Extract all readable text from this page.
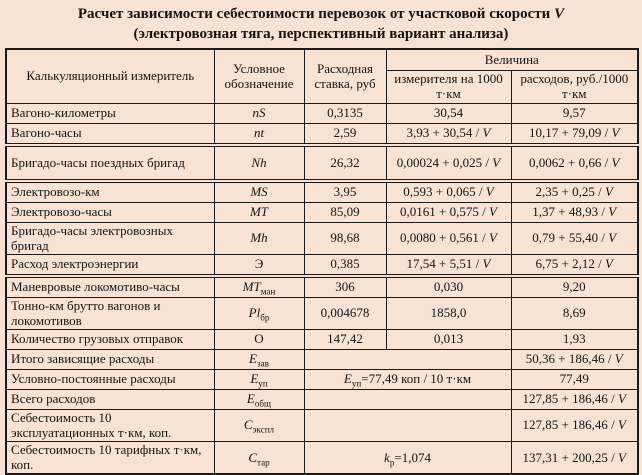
Расчет зависимости себестоимости перевозок от участковой скорости V
(электровозная тяга, перспективный вариант анализа)
Калькуляционный измеритель	Условное обозначение	Расходная ставка, руб	Величина	
			измерителя на 1000 т·км	расходов, руб./1000 т·км
Вагоно-километры	nS	0,3135	30,54	9,57
Вагоно-часы	nt	2,59	3,93 + 30,54 / V	10,17 + 79,09 / V
Бригадо-часы поездных бригад	Nh	26,32	0,00024 + 0,025 / V	0,0062 + 0,66 / V
Электровозо-км	MS	3,95	0,593 + 0,065 / V	2,35 + 0,25 / V
Электровозо-часы	MT	85,09	0,0161 + 0,575 / V	1,37 + 48,93 / V
Бригадо-часы электровозных бригад	Mh	98,68	0,0080 + 0,561 / V	0,79 + 55,40 / V
Расход электроэнергии	Э	0,385	17,54 + 5,51 / V	6,75 + 2,12 / V
Маневровые локомотиво-часы	$MT_{ман}$	306	0,030	9,20
Тонно-км брутто вагонов и локомотивов	$Pl_{бр}$	0,004678	1858,0	8,69
Количество грузовых отправок	О	147,42	0,013	1,93
Итого зависящие расходы	$E_{зав}$			50,36 + 186,46 / V
Условно-постоянные расходы	$E_{уп}$	$E_{уп}=77,49$ коп / 10 т·км		77,49
Всего расходов	$E_{общ}$			127,85 + 186,46 / V
Себестоимость 10 эксплуатационных т·км, коп.	$C_{экспл}$			127,85 + 186,46 / V
Себестоимость 10 тарифных т·км, коп.	$C_{тар}$	$k_р=1,074$		137,31 + 200,25 / V
